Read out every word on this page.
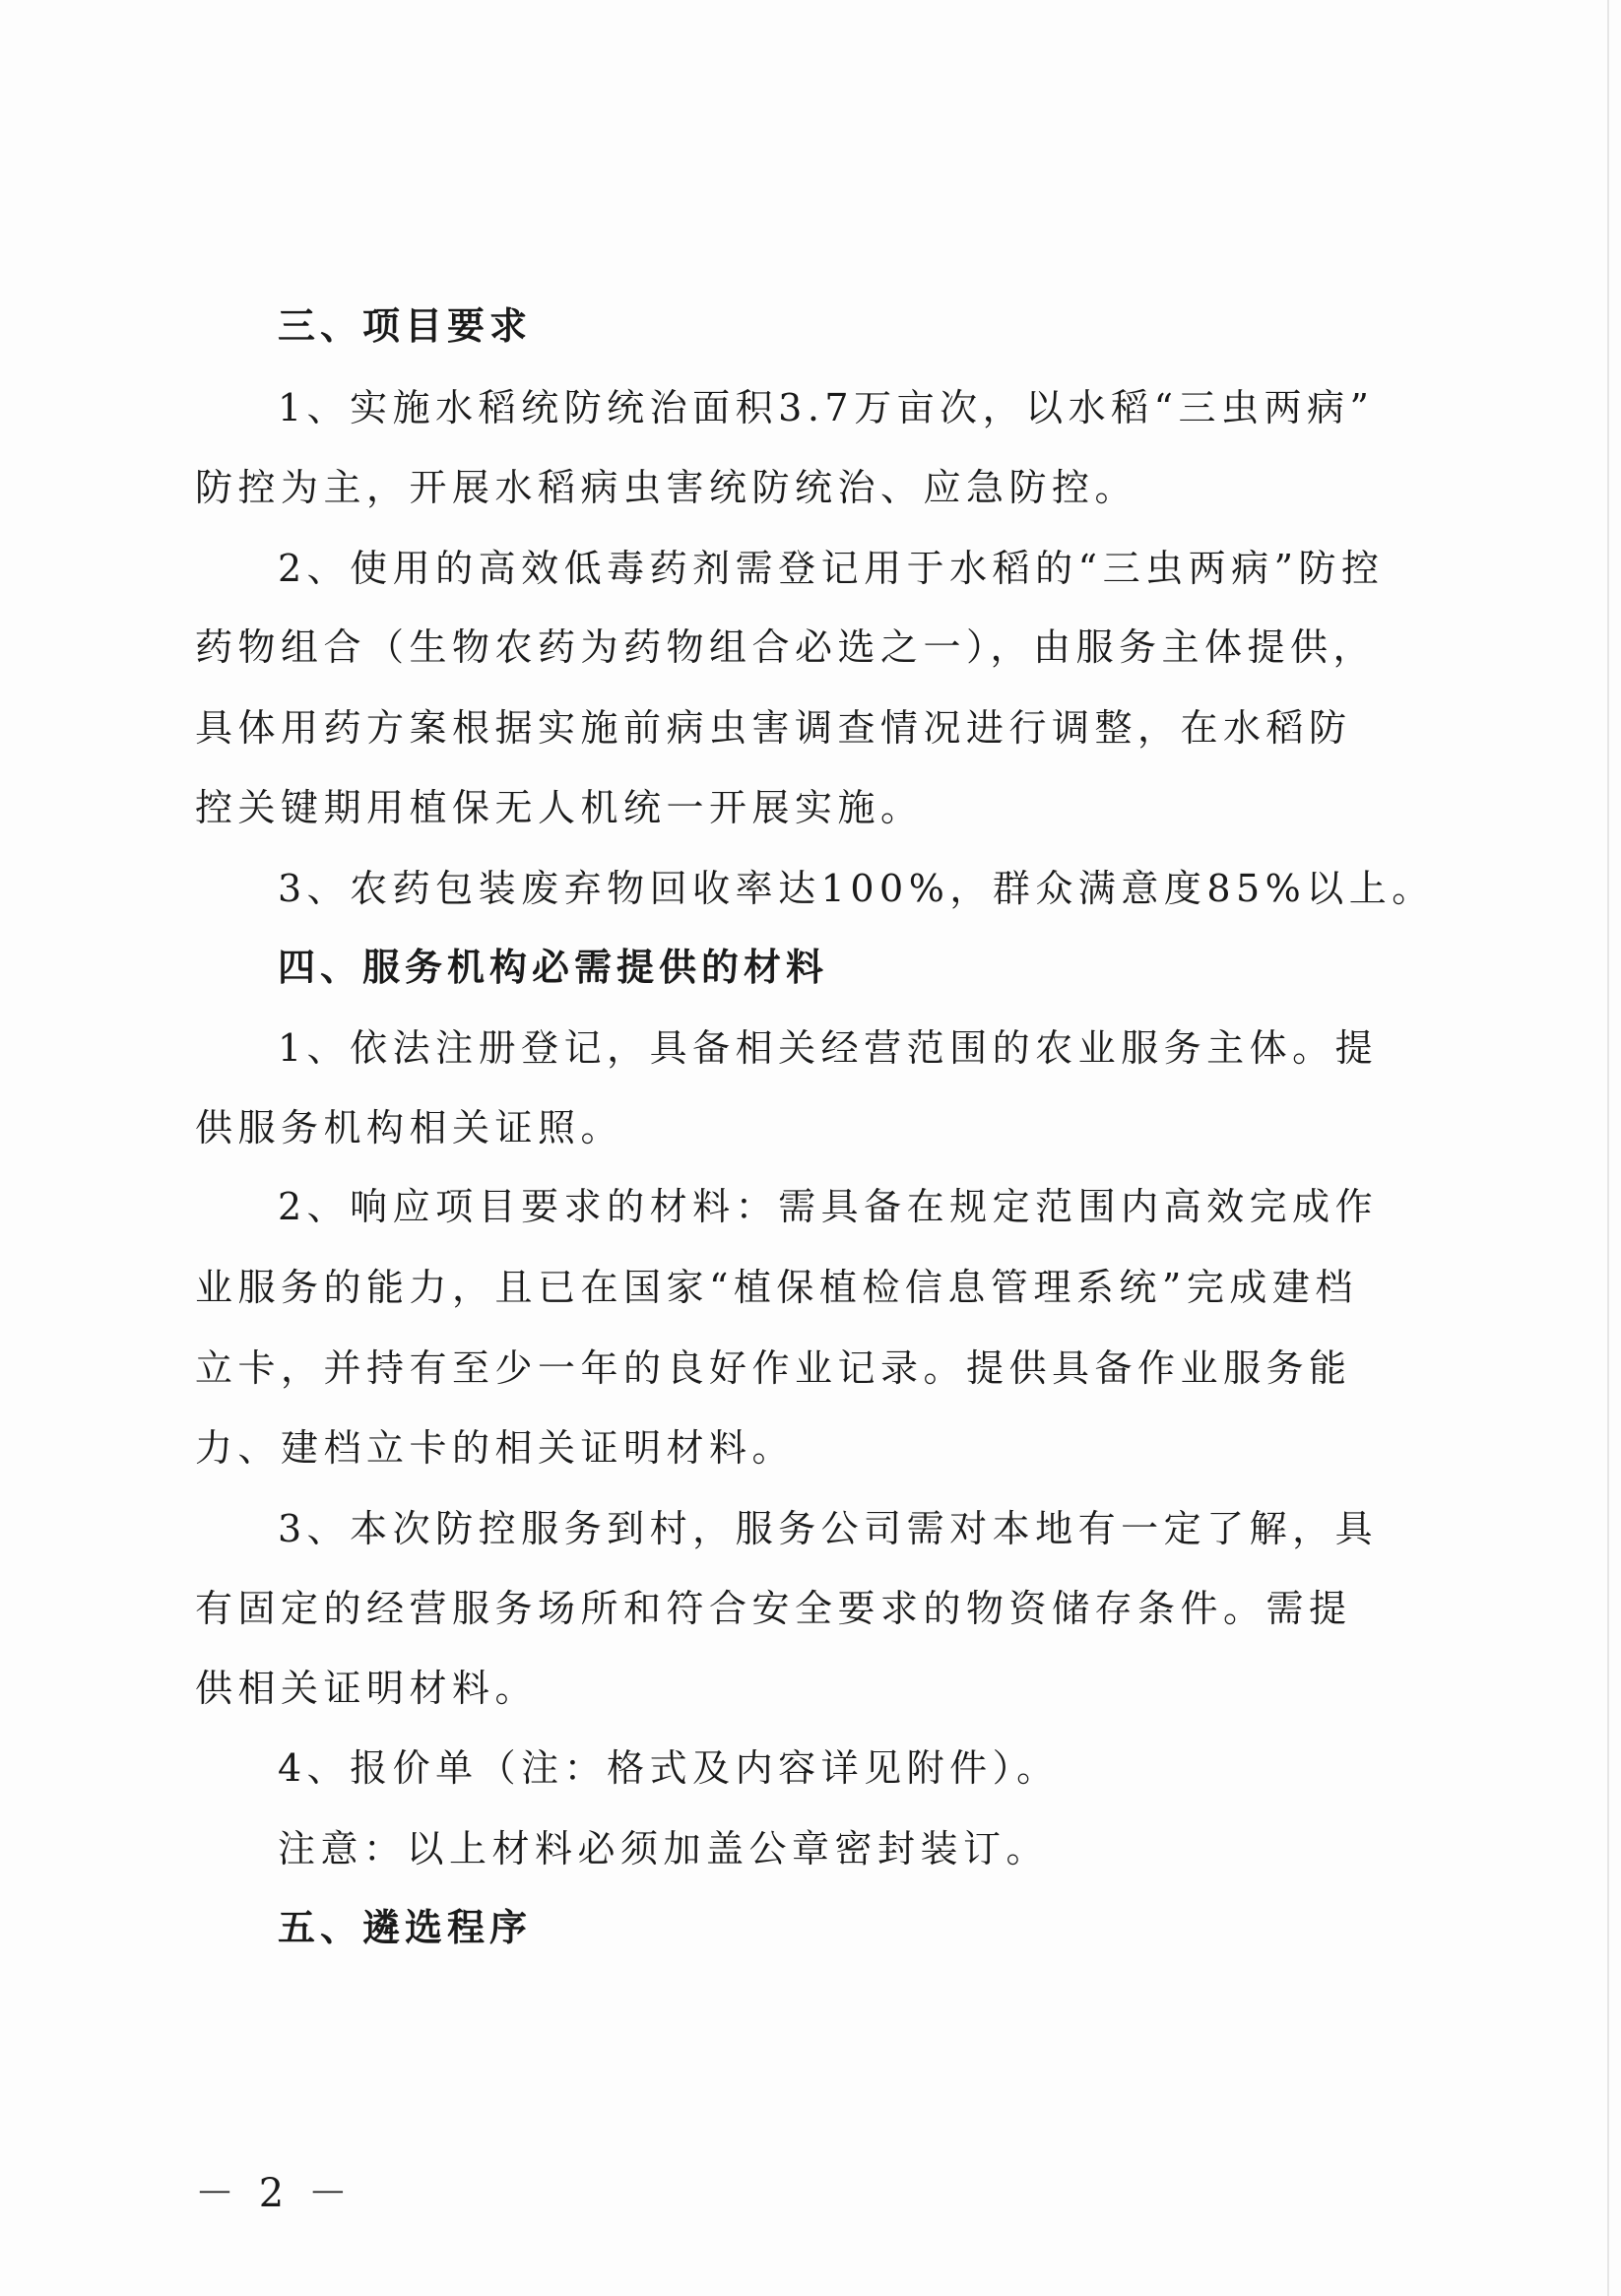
三、项目要求
1、实施水稻统防统治面积3.7万亩次，以水稻“三虫两病”
防控为主，开展水稻病虫害统防统治、应急防控。
2、使用的高效低毒药剂需登记用于水稻的“三虫两病”防控
药物组合（生物农药为药物组合必选之一），由服务主体提供，
具体用药方案根据实施前病虫害调查情况进行调整，在水稻防
控关键期用植保无人机统一开展实施。
3、农药包装废弃物回收率达100%，群众满意度85%以上。
四、服务机构必需提供的材料
1、依法注册登记，具备相关经营范围的农业服务主体。提
供服务机构相关证照。
2、响应项目要求的材料：需具备在规定范围内高效完成作
业服务的能力，且已在国家“植保植检信息管理系统”完成建档
立卡，并持有至少一年的良好作业记录。提供具备作业服务能
力、建档立卡的相关证明材料。
3、本次防控服务到村，服务公司需对本地有一定了解，具
有固定的经营服务场所和符合安全要求的物资储存条件。需提
供相关证明材料。
4、报价单（注：格式及内容详见附件）。
注意：以上材料必须加盖公章密封装订。
五、遴选程序
－ 2 －
